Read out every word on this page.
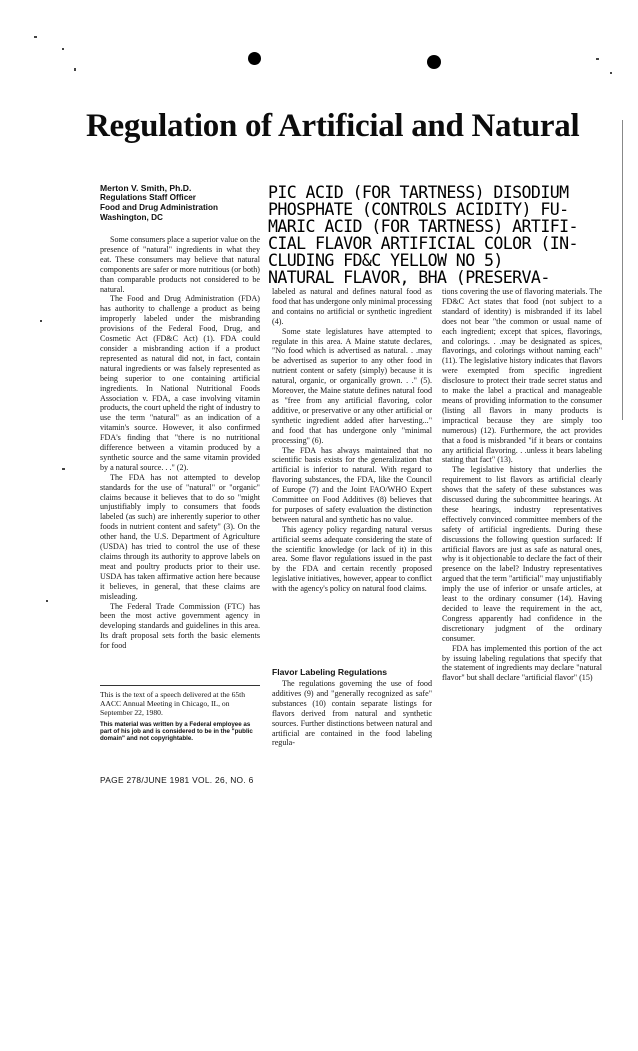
Regulation of Artificial and Natural
Merton V. Smith, Ph.D.
Regulations Staff Officer
Food and Drug Administration
Washington, DC
PIC ACID (FOR TARTNESS) DISODIUM
PHOSPHATE (CONTROLS ACIDITY) FU-
MARIC ACID (FOR TARTNESS) ARTIFI-
CIAL FLAVOR ARTIFICIAL COLOR (IN-
CLUDING FD&C YELLOW NO 5)
NATURAL FLAVOR, BHA (PRESERVA-

Some consumers place a superior value on the presence of "natural" ingredients in what they eat. These consumers may believe that natural components are safer or more nutritious (or both) than comparable products not considered to be natural.

The Food and Drug Administration (FDA) has authority to challenge a product as being improperly labeled under the misbranding provisions of the Federal Food, Drug, and Cosmetic Act (FD&C Act) (1). FDA could consider a misbranding action if a product represented as natural did not, in fact, contain natural ingredients or was falsely represented as being superior to one containing artificial ingredients. In National Nutritional Foods Association v. FDA, a case involving vitamin products, the court upheld the right of industry to use the term "natural" as an indication of a vitamin's source. However, it also confirmed FDA's finding that "there is no nutritional difference between a vitamin produced by a synthetic source and the same vitamin provided by a natural source. . ." (2).

The FDA has not attempted to develop standards for the use of "natural" or "organic" claims because it believes that to do so "might unjustifiably imply to consumers that foods labeled (as such) are inherently superior to other foods in nutrient content and safety" (3). On the other hand, the U.S. Department of Agriculture (USDA) has tried to control the use of these claims through its authority to approve labels on meat and poultry products prior to their use. USDA has taken affirmative action here because it believes, in general, that these claims are misleading.

The Federal Trade Commission (FTC) has been the most active government agency in developing standards and guidelines in this area. Its draft proposal sets forth the basic elements for food

This is the text of a speech delivered at the 65th AACC Annual Meeting in Chicago, IL, on September 22, 1980.

This material was written by a Federal employee as part of his job and is considered to be in the "public domain" and not copyrightable.

labeled as natural and defines natural food as food that has undergone only minimal processing and contains no artificial or synthetic ingredient (4).

Some state legislatures have attempted to regulate in this area. A Maine statute declares, "No food which is advertised as natural. . .may be advertised as superior to any other food in nutrient content or safety (simply) because it is natural, organic, or organically grown. . ." (5). Moreover, the Maine statute defines natural food as "free from any artificial flavoring, color additive, or preservative or any other artificial or synthetic ingredient added after harvesting..." and food that has undergone only "minimal processing" (6).

The FDA has always maintained that no scientific basis exists for the generalization that artificial is inferior to natural. With regard to flavoring substances, the FDA, like the Council of Europe (7) and the Joint FAO/WHO Expert Committee on Food Additives (8) believes that for purposes of safety evaluation the distinction between natural and synthetic has no value.

This agency policy regarding natural versus artificial seems adequate considering the state of the scientific knowledge (or lack of it) in this area. Some flavor regulations issued in the past by the FDA and certain recently proposed legislative initiatives, however, appear to conflict with the agency's policy on natural food claims.

Flavor Labeling Regulations

The regulations governing the use of food additives (9) and "generally recognized as safe" substances (10) contain separate listings for flavors derived from natural and synthetic sources. Further distinctions between natural and artificial are contained in the food labeling regula-

tions covering the use of flavoring materials. The FD&C Act states that food (not subject to a standard of identity) is misbranded if its label does not bear "the common or usual name of each ingredient; except that spices, flavorings, and colorings. . .may be designated as spices, flavorings, and colorings without naming each" (11). The legislative history indicates that flavors were exempted from specific ingredient disclosure to protect their trade secret status and to make the label a practical and manageable means of providing information to the consumer (listing all flavors in many products is impractical because they are simply too numerous) (12). Furthermore, the act provides that a food is misbranded "if it bears or contains any artificial flavoring. . .unless it bears labeling stating that fact" (13).

The legislative history that underlies the requirement to list flavors as artificial clearly shows that the safety of these substances was discussed during the subcommittee hearings. At these hearings, industry representatives effectively convinced committee members of the safety of artificial ingredients. During these discussions the following question surfaced: If artificial flavors are just as safe as natural ones, why is it objectionable to declare the fact of their presence on the label? Industry representatives argued that the term "artificial" may unjustifiably imply the use of inferior or unsafe articles, at least to the ordinary consumer (14). Having decided to leave the requirement in the act, Congress apparently had confidence in the discretionary judgment of the ordinary consumer.

FDA has implemented this portion of the act by issuing labeling regulations that specify that the statement of ingredients may declare "natural flavor" but shall declare "artificial flavor" (15)

PAGE 278/JUNE 1981 VOL. 26, NO. 6
